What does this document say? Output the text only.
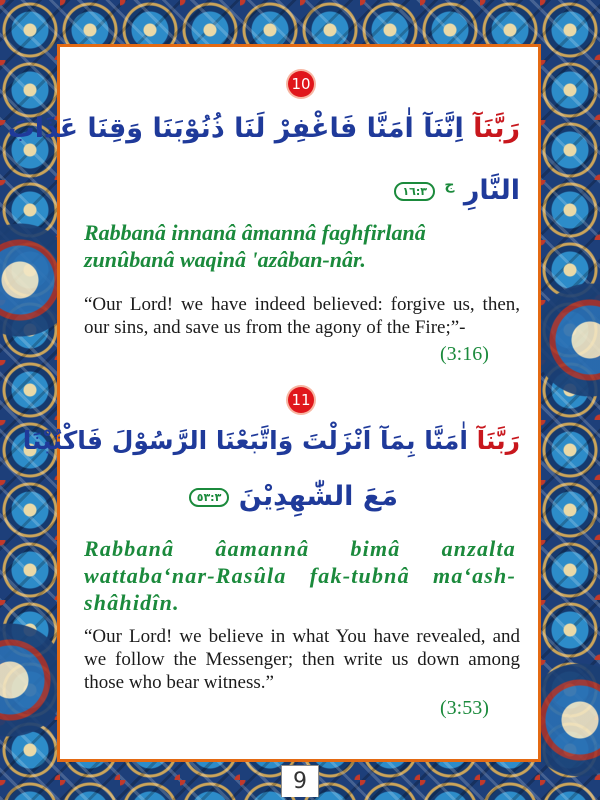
10
رَبَّنَآ اِنَّنَآ اٰمَنَّا فَاغْفِرْ لَنَا ذُنُوْبَنَا وَقِنَا عَذَابَ
النَّارِ $^ج$ ١٦:٣

Rabbanâ innanâ âmannâ faghfirlanâ zunûbanâ waqinâ 'azâban-nâr.

“Our Lord! we have indeed believed: forgive us, then, our sins, and save us from the agony of the Fire;”-

(3:16)
11
رَبَّنَآ اٰمَنَّا بِمَآ اَنْزَلْتَ وَاتَّبَعْنَا الرَّسُوْلَ فَاكْتُبْنَا
مَعَ الشّٰهِدِيْنَ ٥٣:٣

Rabbanâ âamannâ bimâ anzalta wattaba‘nar-Rasûla fak-tubnâ ma‘ash-shâhidîn.

“Our Lord! we believe in what You have revealed, and we follow the Messenger; then write us down among those who bear witness.”

(3:53)
9
